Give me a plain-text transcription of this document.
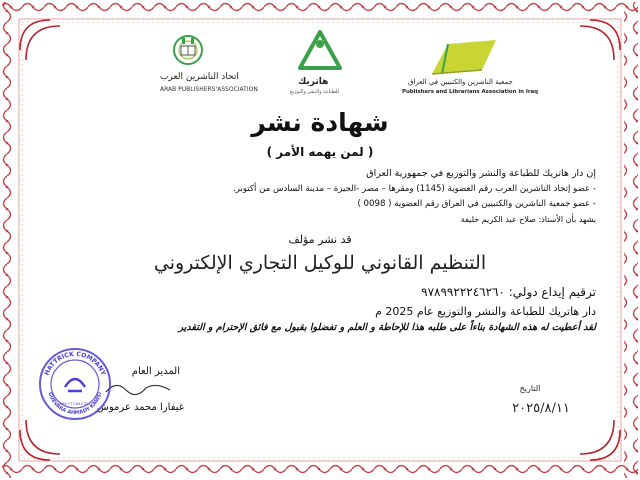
اتحاد الناشرين العرب
ARAB PUBLISHERS'ASSOCIATION
هاتريك
للطباعة والنشر والتوزيع
جمعية الناشرين والكتبيين في العراق
Publishers and Librarians Association in Iraq
شهادة نشر
( لمن يهمه الأمر )
إن دار هاتريك للطباعة والنشر والتوزيع في جمهورية العراق
- عضو إتحاد الناشرين العرب رقم العضوية (1145) ومقرها – مصر -الجيزة – مدينة السادس من أكتوبر.
- عضو جمعية الناشرين والكتبيين في العراق رقم العضوية ( 0098 )
يشهد بأن الأستاذ: صلاح عبد الكريم خليفة
قد نشر مؤلف
التنظيم القانوني للوكيل التجاري الإلكتروني
ترقيم إيداع دولي: ٩٧٨٩٩٢٢٢٤٦٢٦٠
دار هاتريك للطباعة والنشر والتوزيع عام 2025 م
لقد أعطيت له هذه الشهادة بناءاً على طلبه هذا للإحاطة و العلم و تفضلوا بقبول مع فائق الإحترام و التقدير
المدير العام
غيفارا محمد عرموش
HATTRICK COMPANY
GUEVARA AHMADY KAWSI
+964 773 843 3417
التاريخ
٢٠٢٥/٨/١١
